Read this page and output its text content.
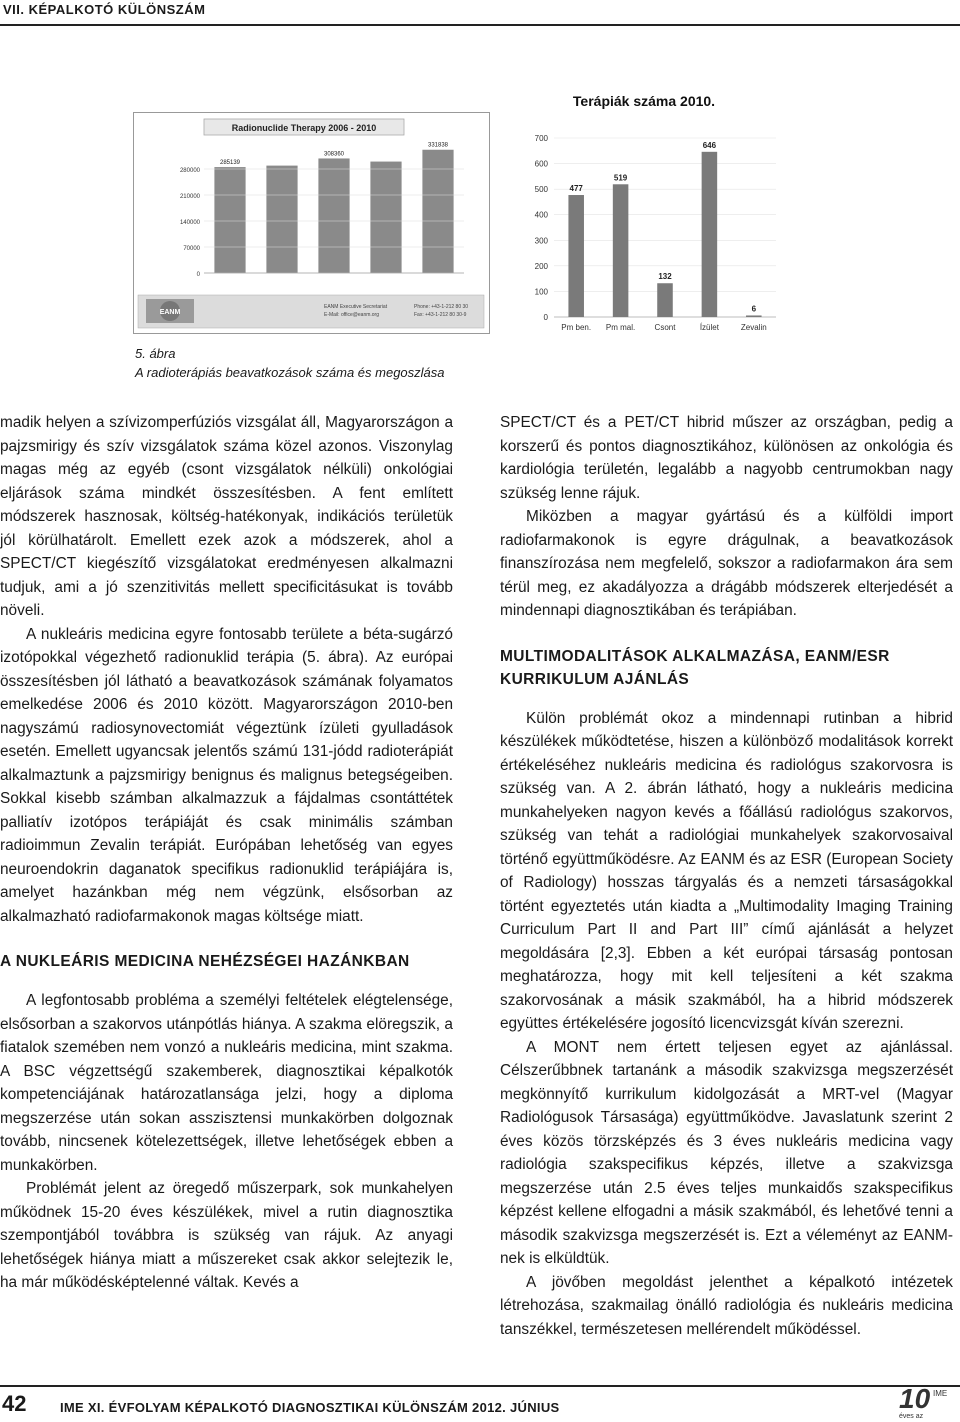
VII. KÉPALKOTÓ KÜLÖNSZÁM
Radionuclide Therapy 2006 - 2010
285139
308360
331838
0
70000
140000
210000
280000
EANM
EANM Executive Secretariat
E-Mail: office@eanm.org
Phone: +43-1-212 80 30
Fax: +43-1-212 80 30-9
Terápiák száma 2010.
0
100
200
300
400
500
600
700
477
519
132
646
6
Pm ben. Pm mal. Csont	Ízület	Zevalin
5. ábra
A radioterápiás beavatkozások száma és megoszlása

madik helyen a szívizomperfúziós vizsgálat áll, Magyarországon a pajzsmirigy és szív vizsgálatok száma közel azonos. Viszonylag magas még az egyéb (csont vizsgálatok nélküli) onkológiai eljárások száma mindkét összesítésben. A fent említett módszerek hasznosak, költség-hatékonyak, indikációs területük jól körülhatárolt. Emellett ezek azok a módszerek, ahol a SPECT/CT kiegészítő vizsgálatokat eredményesen alkalmazni tudjuk, ami a jó szenzitivitás mellett specificitásukat is tovább növeli.

A nukleáris medicina egyre fontosabb területe a béta-sugárzó izotópokkal végezhető radionuklid terápia (5. ábra). Az európai összesítésben jól látható a beavatkozások számának folyamatos emelkedése 2006 és 2010 között. Magyarországon 2010-ben nagyszámú radiosynovectomiát végeztünk ízületi gyulladások esetén. Emellett ugyancsak jelentős számú 131-jódd radioterápiát alkalmaztunk a pajzsmirigy benignus és malignus betegségeiben. Sokkal kisebb számban alkalmazzuk a fájdalmas csontáttétek palliatív izotópos terápiáját és csak minimális számban radioimmun Zevalin terápiát. Európában lehetőség van egyes neuroendokrin daganatok specifikus radionuklid terápiájára is, amelyet hazánkban még nem végzünk, elsősorban az alkalmazható radiofarmakonok magas költsége miatt.

A NUKLEÁRIS MEDICINA NEHÉZSÉGEI HAZÁNKBAN

A legfontosabb probléma a személyi feltételek elégtelensége, elsősorban a szakorvos utánpótlás hiánya. A szakma elöregszik, a fiatalok szemében nem vonzó a nukleáris medicina, mint szakma. A BSC végzettségű szakemberek, diagnosztikai képalkotók kompetenciájának határozatlansága jelzi, hogy a diploma megszerzése után sokan asszisztensi munkakörben dolgoznak tovább, nincsenek kötelezettségek, illetve lehetőségek ebben a munkakörben.

Problémát jelent az öregedő műszerpark, sok munkahelyen működnek 15-20 éves készülékek, mivel a rutin diagnosztika szempontjából továbbra is szükség van rájuk. Az anyagi lehetőségek hiánya miatt a műszereket csak akkor selejtezik le, ha már működésképtelenné váltak. Kevés a

SPECT/CT és a PET/CT hibrid műszer az országban, pedig a korszerű és pontos diagnosztikához, különösen az onkológia és kardiológia területén, legalább a nagyobb centrumokban nagy szükség lenne rájuk.

Miközben a magyar gyártású és a külföldi import radiofarmakonok is egyre drágulnak, a beavatkozások finanszírozása nem megfelelő, sokszor a radiofarmakon ára sem térül meg, ez akadályozza a drágább módszerek elterjedését a mindennapi diagnosztikában és terápiában.

MULTIMODALITÁSOK ALKALMAZÁSA, EANM/ESR KURRIKULUM AJÁNLÁS

Külön problémát okoz a mindennapi rutinban a hibrid készülékek működtetése, hiszen a különböző modalitások korrekt értékeléséhez nukleáris medicina és radiológus szakorvosra is szükség van. A 2. ábrán látható, hogy a nukleáris medicina munkahelyeken nagyon kevés a főállású radiológus szakorvos, szükség van tehát a radiológiai munkahelyek szakorvosaival történő együttműködésre. Az EANM és az ESR (European Society of Radiology) hosszas tárgyalás és a nemzeti társaságokkal történt egyeztetés után kiadta a „Multimodality Imaging Training Curriculum Part II and Part III” című ajánlását a helyzet megoldására [2,3]. Ebben a két európai társaság pontosan meghatározza, hogy mit kell teljesíteni a két szakma szakorvosának a másik szakmából, ha a hibrid módszerek együttes értékelésére jogosító licencvizsgát kíván szerezni.

A MONT nem értett teljesen egyet az ajánlással. Célszerűbbnek tartanánk a második szakvizsga megszerzését megkönnyítő kurrikulum kidolgozását a MRT-vel (Magyar Radiológusok Társasága) együttműködve. Javaslatunk szerint 2 éves közös törzsképzés és 3 éves nukleáris medicina vagy radiológia szakspecifikus képzés, illetve a szakvizsga megszerzése után 2.5 éves teljes munkaidős szakspecifikus képzést kellene elfogadni a másik szakmából, és lehetővé tenni a második szakvizsga megszerzését is. Ezt a véleményt az EANM-nek is elküldtük.

A jövőben megoldást jelenthet a képalkotó intézetek létrehozása, szakmailag önálló radiológia és nukleáris medicina tanszékkel, természetesen mellérendelt működéssel.

42	IME XI. ÉVFOLYAM KÉPALKOTÓ DIAGNOSZTIKAI KÜLÖNSZÁM 2012. JÚNIUS	10 IME
éves az
